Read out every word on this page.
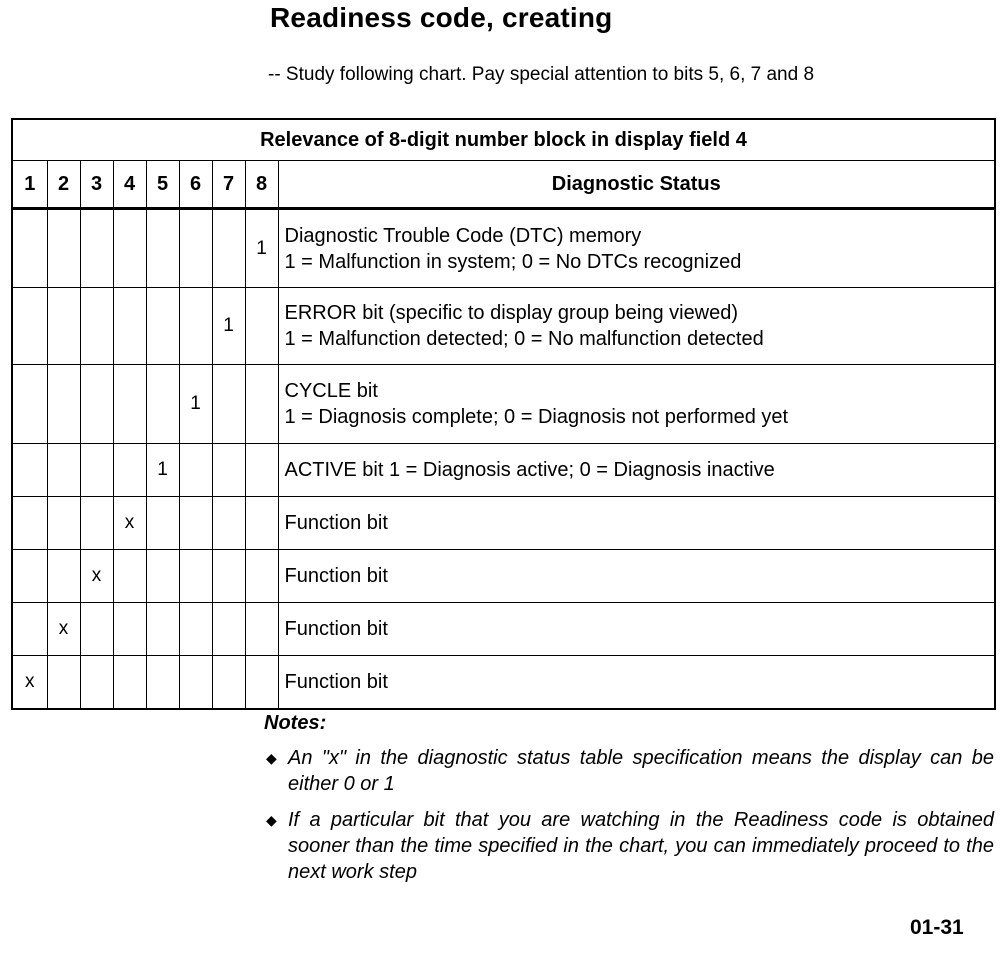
Readiness code, creating
-- Study following chart. Pay special attention to bits 5, 6, 7 and 8
Relevance of 8-digit number block in display field 4								
1	2	3	4	5	6	7	8	Diagnostic Status
							1	Diagnostic Trouble Code (DTC) memory
1 = Malfunction in system; 0 = No DTCs recognized

						1		ERROR bit (specific to display group being viewed)
1 = Malfunction detected; 0 = No malfunction detected

					1			CYCLE bit
1 = Diagnosis complete; 0 = Diagnosis not performed yet

				1				ACTIVE bit 1 = Diagnosis active; 0 = Diagnosis inactive

			x					Function bit

		x						Function bit

	x							Function bit

x								Function bit
Notes:
◆ An "x" in the diagnostic status table specification means the display can be either 0 or 1
◆ If a particular bit that you are watching in the Readiness code is obtained sooner than the time specified in the chart, you can immediately proceed to the next work step
01-31
